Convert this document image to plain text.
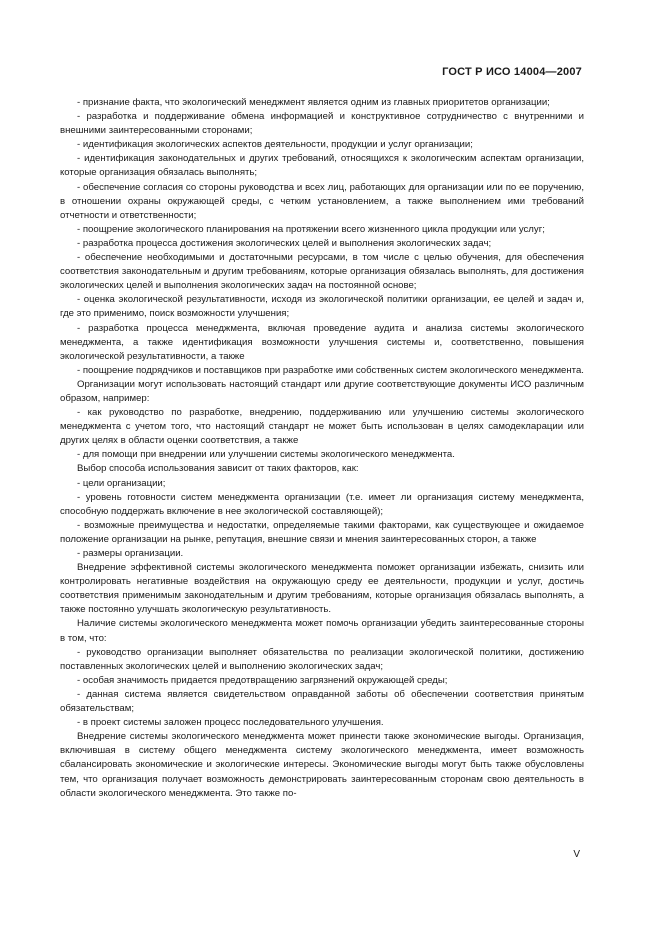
ГОСТ Р ИСО 14004—2007

- признание факта, что экологический менеджмент является одним из главных приоритетов организации;

- разработка и поддерживание обмена информацией и конструктивное сотрудничество с внутренними и внешними заинтересованными сторонами;

- идентификация экологических аспектов деятельности, продукции и услуг организации;

- идентификация законодательных и других требований, относящихся к экологическим аспектам организации, которые организация обязалась выполнять;

- обеспечение согласия со стороны руководства и всех лиц, работающих для организации или по ее поручению, в отношении охраны окружающей среды, с четким установлением, а также выполнением ими требований отчетности и ответственности;

- поощрение экологического планирования на протяжении всего жизненного цикла продукции или услуг;

- разработка процесса достижения экологических целей и выполнения экологических задач;

- обеспечение необходимыми и достаточными ресурсами, в том числе с целью обучения, для обеспечения соответствия законодательным и другим требованиям, которые организация обязалась выполнять, для достижения экологических целей и выполнения экологических задач на постоянной основе;

- оценка экологической результативности, исходя из экологической политики организации, ее целей и задач и, где это применимо, поиск возможности улучшения;

- разработка процесса менеджмента, включая проведение аудита и анализа системы экологического менеджмента, а также идентификация возможности улучшения системы и, соответственно, повышения экологической результативности, а также

- поощрение подрядчиков и поставщиков при разработке ими собственных систем экологического менеджмента.

Организации могут использовать настоящий стандарт или другие соответствующие документы ИСО различным образом, например:

- как руководство по разработке, внедрению, поддерживанию или улучшению системы экологического менеджмента с учетом того, что настоящий стандарт не может быть использован в целях самодекларации или других целях в области оценки соответствия, а также

- для помощи при внедрении или улучшении системы экологического менеджмента.

Выбор способа использования зависит от таких факторов, как:

- цели организации;

- уровень готовности систем менеджмента организации (т.е. имеет ли организация систему менеджмента, способную поддержать включение в нее экологической составляющей);

- возможные преимущества и недостатки, определяемые такими факторами, как существующее и ожидаемое положение организации на рынке, репутация, внешние связи и мнения заинтересованных сторон, а также

- размеры организации.

Внедрение эффективной системы экологического менеджмента поможет организации избежать, снизить или контролировать негативные воздействия на окружающую среду ее деятельности, продукции и услуг, достичь соответствия применимым законодательным и другим требованиям, которые организация обязалась выполнять, а также постоянно улучшать экологическую результативность.

Наличие системы экологического менеджмента может помочь организации убедить заинтересованные стороны в том, что:

- руководство организации выполняет обязательства по реализации экологической политики, достижению поставленных экологических целей и выполнению экологических задач;

- особая значимость придается предотвращению загрязнений окружающей среды;

- данная система является свидетельством оправданной заботы об обеспечении соответствия принятым обязательствам;

- в проект системы заложен процесс последовательного улучшения.

Внедрение системы экологического менеджмента может принести также экономические выгоды. Организация, включившая в систему общего менеджмента систему экологического менеджмента, имеет возможность сбалансировать экономические и экологические интересы. Экономические выгоды могут быть также обусловлены тем, что организация получает возможность демонстрировать заинтересованным сторонам свою деятельность в области экологического менеджмента. Это также по-

V
